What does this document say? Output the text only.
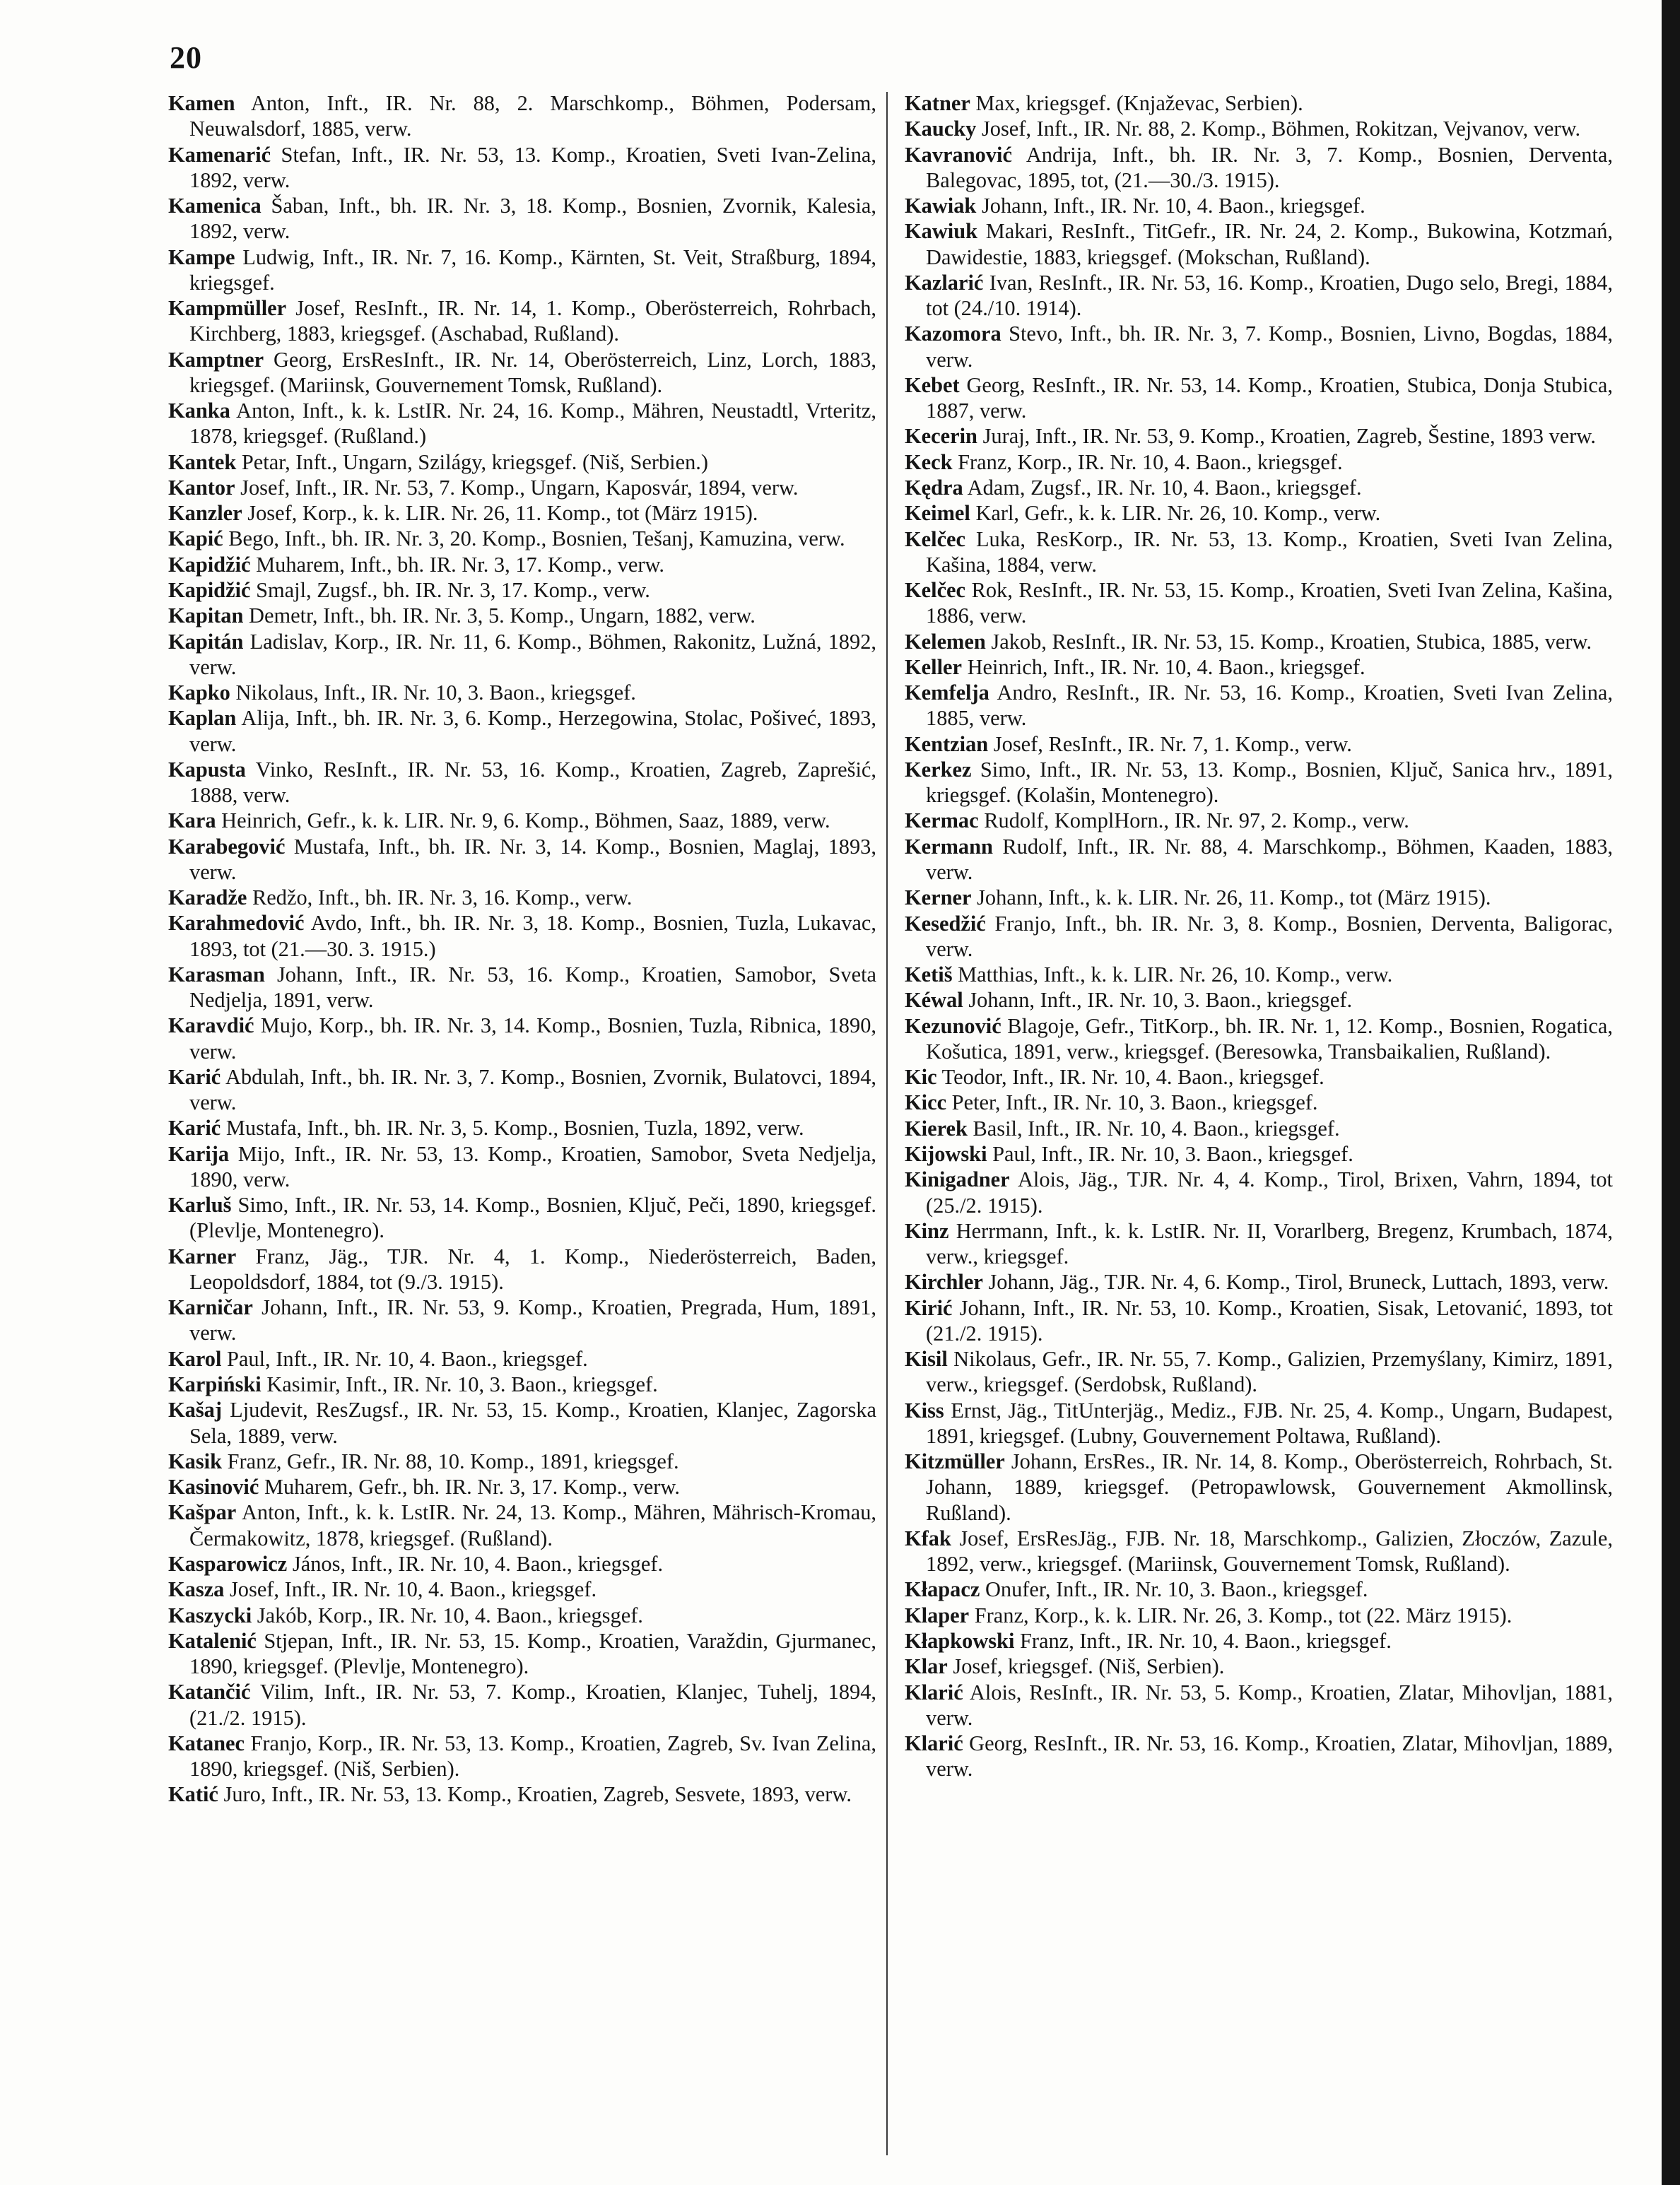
20

Kamen Anton, Inft., IR. Nr. 88, 2. Marschkomp., Böhmen, Podersam, Neuwalsdorf, 1885, verw.

Kamenarić Stefan, Inft., IR. Nr. 53, 13. Komp., Kroatien, Sveti Ivan-Zelina, 1892, verw.

Kamenica Šaban, Inft., bh. IR. Nr. 3, 18. Komp., Bosnien, Zvornik, Kalesia, 1892, verw.

Kampe Ludwig, Inft., IR. Nr. 7, 16. Komp., Kärnten, St. Veit, Straßburg, 1894, kriegsgef.

Kampmüller Josef, ResInft., IR. Nr. 14, 1. Komp., Oberösterreich, Rohrbach, Kirchberg, 1883, kriegsgef. (Aschabad, Rußland).

Kamptner Georg, ErsResInft., IR. Nr. 14, Oberösterreich, Linz, Lorch, 1883, kriegsgef. (Mariinsk, Gouvernement Tomsk, Rußland).

Kanka Anton, Inft., k. k. LstIR. Nr. 24, 16. Komp., Mähren, Neustadtl, Vrteritz, 1878, kriegsgef. (Rußland.)

Kantek Petar, Inft., Ungarn, Szilágy, kriegsgef. (Niš, Serbien.)

Kantor Josef, Inft., IR. Nr. 53, 7. Komp., Ungarn, Kaposvár, 1894, verw.

Kanzler Josef, Korp., k. k. LIR. Nr. 26, 11. Komp., tot (März 1915).

Kapić Bego, Inft., bh. IR. Nr. 3, 20. Komp., Bosnien, Tešanj, Kamuzina, verw.

Kapidžić Muharem, Inft., bh. IR. Nr. 3, 17. Komp., verw.

Kapidžić Smajl, Zugsf., bh. IR. Nr. 3, 17. Komp., verw.

Kapitan Demetr, Inft., bh. IR. Nr. 3, 5. Komp., Ungarn, 1882, verw.

Kapitán Ladislav, Korp., IR. Nr. 11, 6. Komp., Böhmen, Rakonitz, Lužná, 1892, verw.

Kapko Nikolaus, Inft., IR. Nr. 10, 3. Baon., kriegsgef.

Kaplan Alija, Inft., bh. IR. Nr. 3, 6. Komp., Herzegowina, Stolac, Pošiveć, 1893, verw.

Kapusta Vinko, ResInft., IR. Nr. 53, 16. Komp., Kroatien, Zagreb, Zaprešić, 1888, verw.

Kara Heinrich, Gefr., k. k. LIR. Nr. 9, 6. Komp., Böhmen, Saaz, 1889, verw.

Karabegović Mustafa, Inft., bh. IR. Nr. 3, 14. Komp., Bosnien, Maglaj, 1893, verw.

Karadže Redžo, Inft., bh. IR. Nr. 3, 16. Komp., verw.

Karahmedović Avdo, Inft., bh. IR. Nr. 3, 18. Komp., Bosnien, Tuzla, Lukavac, 1893, tot (21.—30. 3. 1915.)

Karasman Johann, Inft., IR. Nr. 53, 16. Komp., Kroatien, Samobor, Sveta Nedjelja, 1891, verw.

Karavdić Mujo, Korp., bh. IR. Nr. 3, 14. Komp., Bosnien, Tuzla, Ribnica, 1890, verw.

Karić Abdulah, Inft., bh. IR. Nr. 3, 7. Komp., Bosnien, Zvornik, Bulatovci, 1894, verw.

Karić Mustafa, Inft., bh. IR. Nr. 3, 5. Komp., Bosnien, Tuzla, 1892, verw.

Karija Mijo, Inft., IR. Nr. 53, 13. Komp., Kroatien, Samobor, Sveta Nedjelja, 1890, verw.

Karluš Simo, Inft., IR. Nr. 53, 14. Komp., Bosnien, Ključ, Peči, 1890, kriegsgef. (Plevlje, Montenegro).

Karner Franz, Jäg., TJR. Nr. 4, 1. Komp., Niederösterreich, Baden, Leopoldsdorf, 1884, tot (9./3. 1915).

Karničar Johann, Inft., IR. Nr. 53, 9. Komp., Kroatien, Pregrada, Hum, 1891, verw.

Karol Paul, Inft., IR. Nr. 10, 4. Baon., kriegsgef.

Karpiński Kasimir, Inft., IR. Nr. 10, 3. Baon., kriegsgef.

Kašaj Ljudevit, ResZugsf., IR. Nr. 53, 15. Komp., Kroatien, Klanjec, Zagorska Sela, 1889, verw.

Kasik Franz, Gefr., IR. Nr. 88, 10. Komp., 1891, kriegsgef.

Kasinović Muharem, Gefr., bh. IR. Nr. 3, 17. Komp., verw.

Kašpar Anton, Inft., k. k. LstIR. Nr. 24, 13. Komp., Mähren, Mährisch-Kromau, Čermakowitz, 1878, kriegsgef. (Rußland).

Kasparowicz János, Inft., IR. Nr. 10, 4. Baon., kriegsgef.

Kasza Josef, Inft., IR. Nr. 10, 4. Baon., kriegsgef.

Kaszycki Jakób, Korp., IR. Nr. 10, 4. Baon., kriegsgef.

Katalenić Stjepan, Inft., IR. Nr. 53, 15. Komp., Kroatien, Varaždin, Gjurmanec, 1890, kriegsgef. (Plevlje, Montenegro).

Katančić Vilim, Inft., IR. Nr. 53, 7. Komp., Kroatien, Klanjec, Tuhelj, 1894, (21./2. 1915).

Katanec Franjo, Korp., IR. Nr. 53, 13. Komp., Kroatien, Zagreb, Sv. Ivan Zelina, 1890, kriegsgef. (Niš, Serbien).

Katić Juro, Inft., IR. Nr. 53, 13. Komp., Kroatien, Zagreb, Sesvete, 1893, verw.

Katner Max, kriegsgef. (Knjaževac, Serbien).

Kaucky Josef, Inft., IR. Nr. 88, 2. Komp., Böhmen, Rokitzan, Vejvanov, verw.

Kavranović Andrija, Inft., bh. IR. Nr. 3, 7. Komp., Bosnien, Derventa, Balegovac, 1895, tot, (21.—30./3. 1915).

Kawiak Johann, Inft., IR. Nr. 10, 4. Baon., kriegsgef.

Kawiuk Makari, ResInft., TitGefr., IR. Nr. 24, 2. Komp., Bukowina, Kotzmań, Dawidestie, 1883, kriegsgef. (Mokschan, Rußland).

Kazlarić Ivan, ResInft., IR. Nr. 53, 16. Komp., Kroatien, Dugo selo, Bregi, 1884, tot (24./10. 1914).

Kazomora Stevo, Inft., bh. IR. Nr. 3, 7. Komp., Bosnien, Livno, Bogdas, 1884, verw.

Kebet Georg, ResInft., IR. Nr. 53, 14. Komp., Kroatien, Stubica, Donja Stubica, 1887, verw.

Kecerin Juraj, Inft., IR. Nr. 53, 9. Komp., Kroatien, Zagreb, Šestine, 1893 verw.

Keck Franz, Korp., IR. Nr. 10, 4. Baon., kriegsgef.

Kędra Adam, Zugsf., IR. Nr. 10, 4. Baon., kriegsgef.

Keimel Karl, Gefr., k. k. LIR. Nr. 26, 10. Komp., verw.

Kelčec Luka, ResKorp., IR. Nr. 53, 13. Komp., Kroatien, Sveti Ivan Zelina, Kašina, 1884, verw.

Kelčec Rok, ResInft., IR. Nr. 53, 15. Komp., Kroatien, Sveti Ivan Zelina, Kašina, 1886, verw.

Kelemen Jakob, ResInft., IR. Nr. 53, 15. Komp., Kroatien, Stubica, 1885, verw.

Keller Heinrich, Inft., IR. Nr. 10, 4. Baon., kriegsgef.

Kemfelja Andro, ResInft., IR. Nr. 53, 16. Komp., Kroatien, Sveti Ivan Zelina, 1885, verw.

Kentzian Josef, ResInft., IR. Nr. 7, 1. Komp., verw.

Kerkez Simo, Inft., IR. Nr. 53, 13. Komp., Bosnien, Ključ, Sanica hrv., 1891, kriegsgef. (Kolašin, Montenegro).

Kermac Rudolf, KomplHorn., IR. Nr. 97, 2. Komp., verw.

Kermann Rudolf, Inft., IR. Nr. 88, 4. Marschkomp., Böhmen, Kaaden, 1883, verw.

Kerner Johann, Inft., k. k. LIR. Nr. 26, 11. Komp., tot (März 1915).

Kesedžić Franjo, Inft., bh. IR. Nr. 3, 8. Komp., Bosnien, Derventa, Baligorac, verw.

Ketiš Matthias, Inft., k. k. LIR. Nr. 26, 10. Komp., verw.

Kéwal Johann, Inft., IR. Nr. 10, 3. Baon., kriegsgef.

Kezunović Blagoje, Gefr., TitKorp., bh. IR. Nr. 1, 12. Komp., Bosnien, Rogatica, Košutica, 1891, verw., kriegsgef. (Beresowka, Transbaikalien, Rußland).

Kic Teodor, Inft., IR. Nr. 10, 4. Baon., kriegsgef.

Kicc Peter, Inft., IR. Nr. 10, 3. Baon., kriegsgef.

Kierek Basil, Inft., IR. Nr. 10, 4. Baon., kriegsgef.

Kijowski Paul, Inft., IR. Nr. 10, 3. Baon., kriegsgef.

Kinigadner Alois, Jäg., TJR. Nr. 4, 4. Komp., Tirol, Brixen, Vahrn, 1894, tot (25./2. 1915).

Kinz Herrmann, Inft., k. k. LstIR. Nr. II, Vorarlberg, Bregenz, Krumbach, 1874, verw., kriegsgef.

Kirchler Johann, Jäg., TJR. Nr. 4, 6. Komp., Tirol, Bruneck, Luttach, 1893, verw.

Kirić Johann, Inft., IR. Nr. 53, 10. Komp., Kroatien, Sisak, Letovanić, 1893, tot (21./2. 1915).

Kisil Nikolaus, Gefr., IR. Nr. 55, 7. Komp., Galizien, Przemyślany, Kimirz, 1891, verw., kriegsgef. (Serdobsk, Rußland).

Kiss Ernst, Jäg., TitUnterjäg., Mediz., FJB. Nr. 25, 4. Komp., Ungarn, Budapest, 1891, kriegsgef. (Lubny, Gouvernement Poltawa, Rußland).

Kitzmüller Johann, ErsRes., IR. Nr. 14, 8. Komp., Oberösterreich, Rohrbach, St. Johann, 1889, kriegsgef. (Petropawlowsk, Gouvernement Akmollinsk, Rußland).

Kfak Josef, ErsResJäg., FJB. Nr. 18, Marschkomp., Galizien, Złoczów, Zazule, 1892, verw., kriegsgef. (Mariinsk, Gouvernement Tomsk, Rußland).

Kłapacz Onufer, Inft., IR. Nr. 10, 3. Baon., kriegsgef.

Klaper Franz, Korp., k. k. LIR. Nr. 26, 3. Komp., tot (22. März 1915).

Kłapkowski Franz, Inft., IR. Nr. 10, 4. Baon., kriegsgef.

Klar Josef, kriegsgef. (Niš, Serbien).

Klarić Alois, ResInft., IR. Nr. 53, 5. Komp., Kroatien, Zlatar, Mihovljan, 1881, verw.

Klarić Georg, ResInft., IR. Nr. 53, 16. Komp., Kroatien, Zlatar, Mihovljan, 1889, verw.
